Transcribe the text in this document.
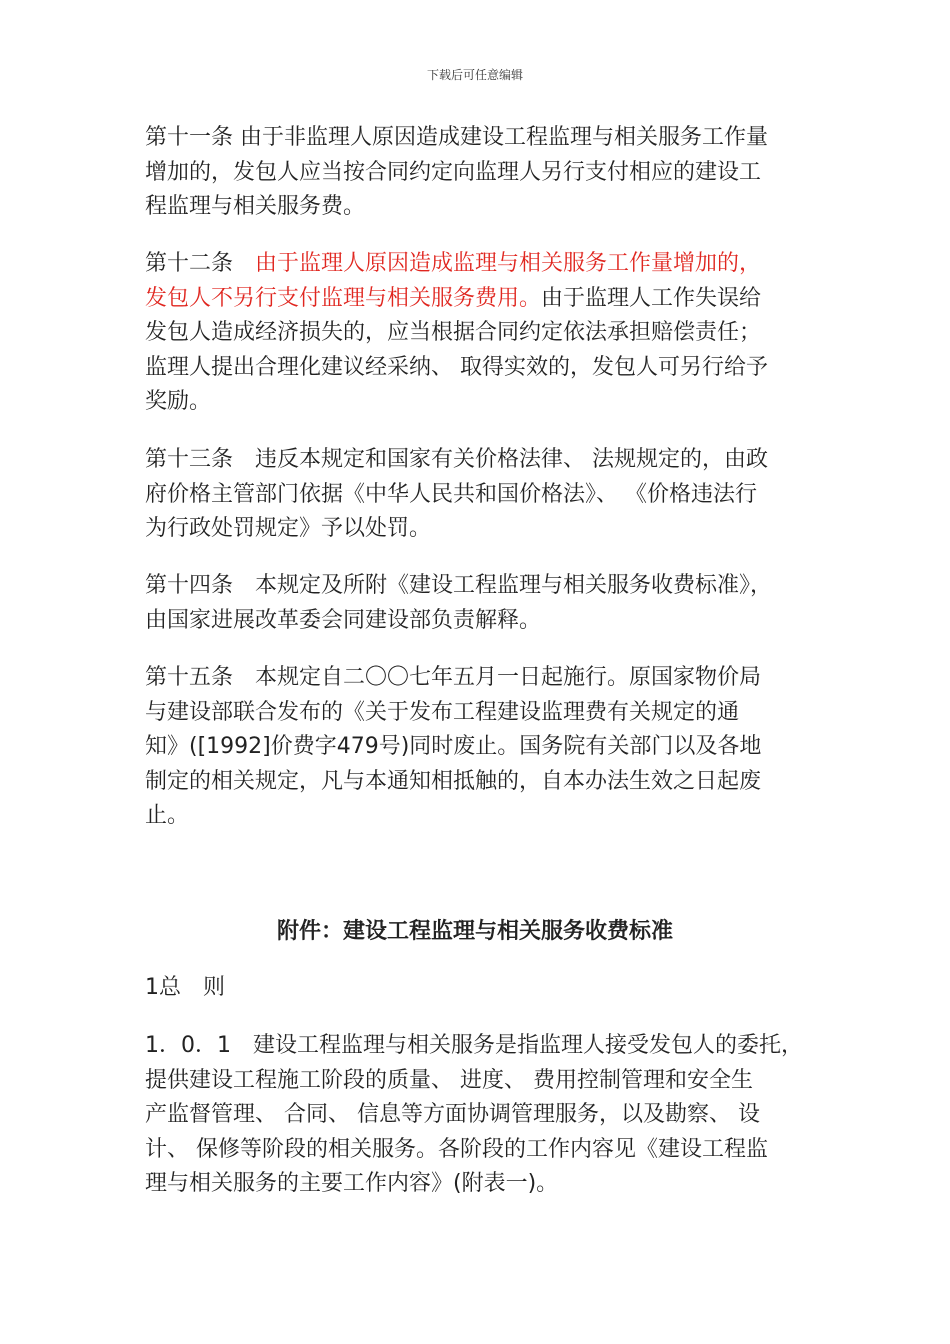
下载后可任意编辑
第十一条 由于非监理人原因造成建设工程监理与相关服务工作量
增加的，发包人应当按合同约定向监理人另行支付相应的建设工
程监理与相关服务费。
第十二条　由于监理人原因造成监理与相关服务工作量增加的，
发包人不另行支付监理与相关服务费用。由于监理人工作失误给
发包人造成经济损失的，应当根据合同约定依法承担赔偿责任；
监理人提出合理化建议经采纳、 取得实效的，发包人可另行给予
奖励。
第十三条　违反本规定和国家有关价格法律、 法规规定的，由政
府价格主管部门依据《中华人民共和国价格法》、 《价格违法行
为行政处罚规定》予以处罚。
第十四条　本规定及所附《建设工程监理与相关服务收费标准》，
由国家进展改革委会同建设部负责解释。
第十五条　本规定自二〇〇七年五月一日起施行。原国家物价局
与建设部联合发布的《关于发布工程建设监理费有关规定的通
知》([1992]价费字479号)同时废止。国务院有关部门以及各地
制定的相关规定，凡与本通知相抵触的，自本办法生效之日起废
止。
附件：建设工程监理与相关服务收费标准
1总　则
1．0．1　建设工程监理与相关服务是指监理人接受发包人的委托，
提供建设工程施工阶段的质量、 进度、 费用控制管理和安全生
产监督管理、 合同、 信息等方面协调管理服务，以及勘察、 设
计、 保修等阶段的相关服务。各阶段的工作内容见《建设工程监
理与相关服务的主要工作内容》(附表一)。
